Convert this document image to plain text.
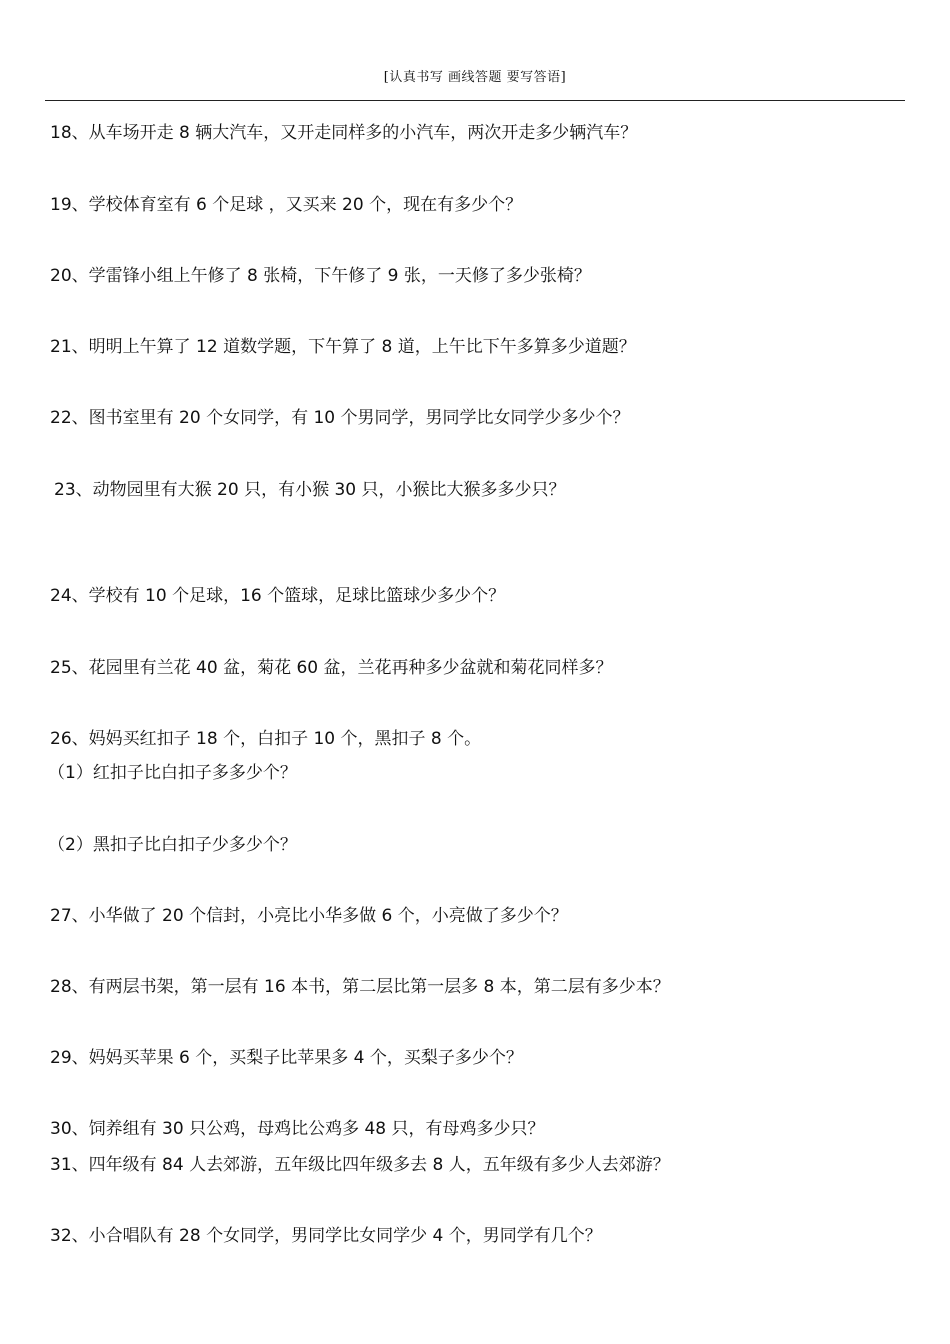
[认真书写 画线答题 要写答语]
18、从车场开走 8 辆大汽车，又开走同样多的小汽车，两次开走多少辆汽车？
19、学校体育室有 6 个足球 ，又买来 20 个，现在有多少个？
20、学雷锋小组上午修了 8 张椅，下午修了 9 张，一天修了多少张椅？
21、明明上午算了 12 道数学题，下午算了 8 道，上午比下午多算多少道题？
22、图书室里有 20 个女同学，有 10 个男同学，男同学比女同学少多少个？
23、动物园里有大猴 20 只，有小猴 30 只，小猴比大猴多多少只？
24、学校有 10 个足球，16 个篮球，足球比篮球少多少个？
25、花园里有兰花 40 盆，菊花 60 盆，兰花再种多少盆就和菊花同样多？
26、妈妈买红扣子 18 个，白扣子 10 个，黑扣子 8 个。
（1）红扣子比白扣子多多少个？
（2）黑扣子比白扣子少多少个？
27、小华做了 20 个信封，小亮比小华多做 6 个，小亮做了多少个？
28、有两层书架，第一层有 16 本书，第二层比第一层多 8 本，第二层有多少本？
29、妈妈买苹果 6 个，买梨子比苹果多 4 个，买梨子多少个？
30、饲养组有 30 只公鸡，母鸡比公鸡多 48 只，有母鸡多少只？
31、四年级有 84 人去郊游，五年级比四年级多去 8 人，五年级有多少人去郊游？
32、小合唱队有 28 个女同学，男同学比女同学少 4 个，男同学有几个？
